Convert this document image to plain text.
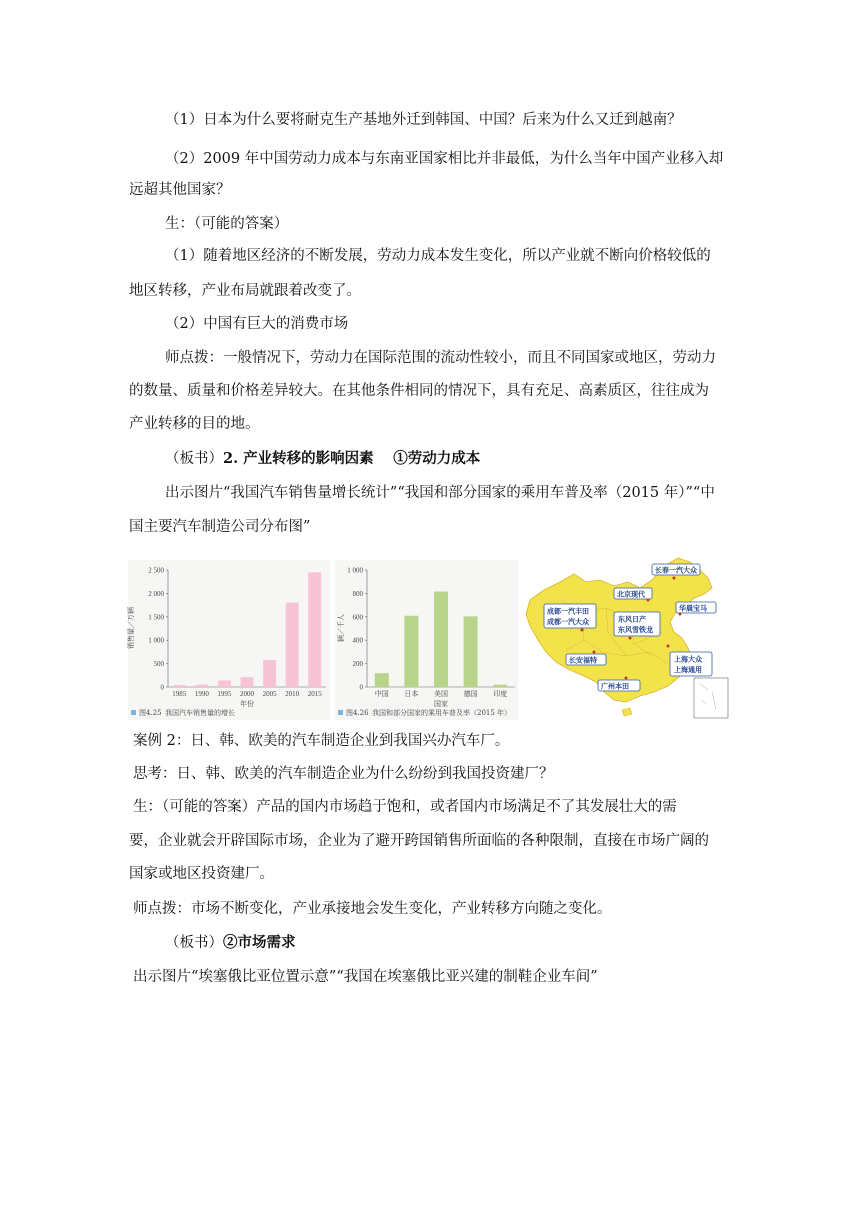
（1）日本为什么要将耐克生产基地外迁到韩国、中国？后来为什么又迁到越南？
（2）2009 年中国劳动力成本与东南亚国家相比并非最低，为什么当年中国产业移入却
远超其他国家？
生：（可能的答案）
（1）随着地区经济的不断发展，劳动力成本发生变化，所以产业就不断向价格较低的
地区转移，产业布局就跟着改变了。
（2）中国有巨大的消费市场
师点拨：一般情况下，劳动力在国际范围的流动性较小，而且不同国家或地区，劳动力
的数量、质量和价格差异较大。在其他条件相同的情况下，具有充足、高素质区，往往成为
产业转移的目的地。
（板书）2. 产业转移的影响因素　 ①劳动力成本
出示图片“我国汽车销售量增长统计”“我国和部分国家的乘用车普及率（2015 年）”“中
国主要汽车制造公司分布图”
销售量／万辆
0
500
1 000
1 500
2 000
2 500
1985 1990 1995 2000 2005 2010 2015
年份
图4.25 我国汽车销售量的增长
辆／千人
0
200
400
600
800
1 000
中国 日本 美国 德国 印度
国家
图4.26 我国和部分国家的乘用车普及率（2015 年）
长春一汽大众
北京现代
华晨宝马
成都一汽丰田
成都一汽大众	东风日产
东风雪铁龙
长安福特	上海大众
上海通用
广州本田
案例 2：日、韩、欧美的汽车制造企业到我国兴办汽车厂。
思考：日、韩、欧美的汽车制造企业为什么纷纷到我国投资建厂？
生：（可能的答案）产品的国内市场趋于饱和，或者国内市场满足不了其发展壮大的需
要，企业就会开辟国际市场，企业为了避开跨国销售所面临的各种限制，直接在市场广阔的
国家或地区投资建厂。
师点拨：市场不断变化，产业承接地会发生变化，产业转移方向随之变化。
（板书）②市场需求
出示图片“埃塞俄比亚位置示意”“我国在埃塞俄比亚兴建的制鞋企业车间”
